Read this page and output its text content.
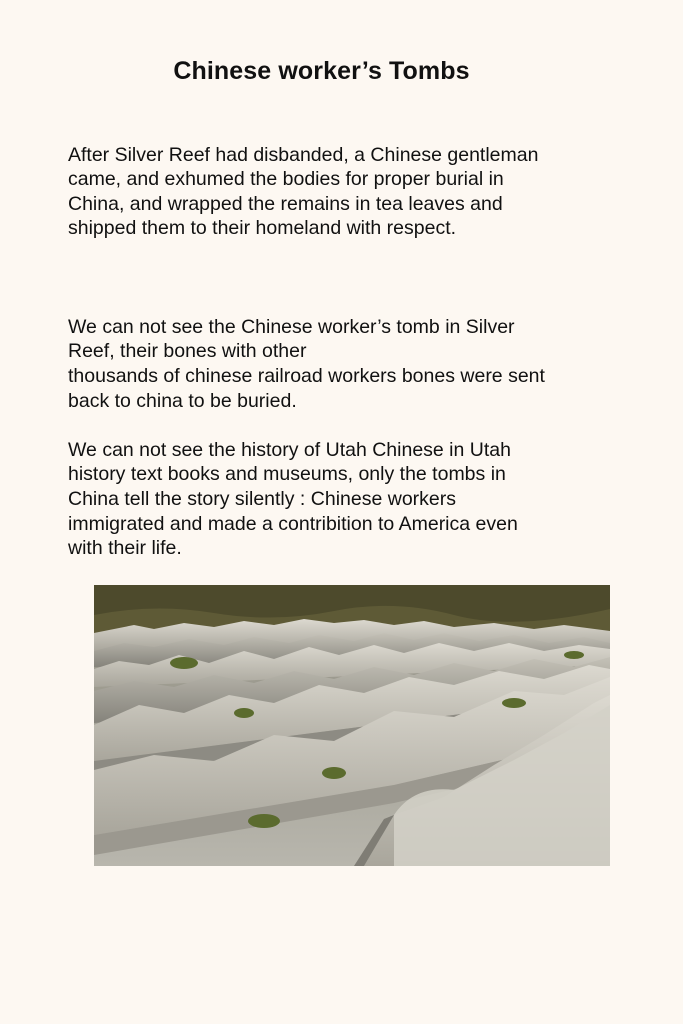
Chinese worker’s Tombs

After Silver Reef had disbanded, a Chinese gentleman
came, and exhumed the bodies for proper burial in
China, and wrapped the remains in tea leaves and
shipped them to their homeland with respect.

We can not see the Chinese worker’s tomb in Silver
Reef, their bones with other
thousands of chinese railroad workers bones were sent
back to china to be buried.

We can not see the history of Utah Chinese in Utah
history text books and museums, only the tombs in
China tell the story silently : Chinese workers
immigrated and made a contribition to America even
with their life.
